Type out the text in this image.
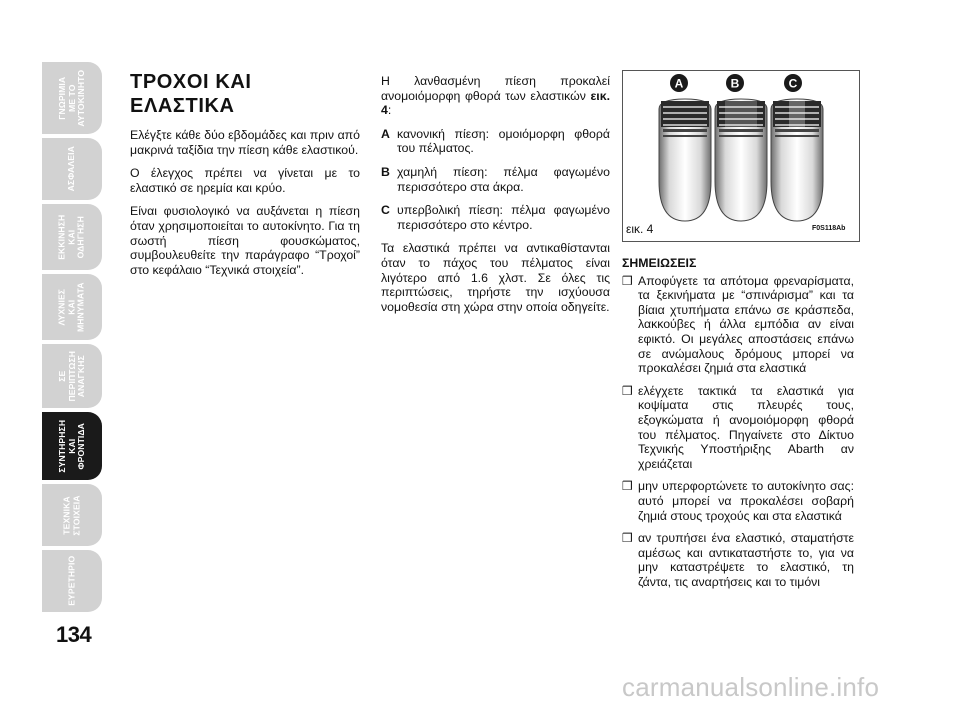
ΓΝΩΡΙΜΙΑ
ΜΕ ΤΟ
ΑΥΤΟΚΙΝΗΤΟ
ΑΣΦΑΛΕΙΑ
ΕΚΚΙΝΗΣΗ
ΚΑΙ
ΟΔΗΓΗΣΗ
ΛΥΧΝΙΕΣ
ΚΑΙ
ΜΗΝΥΜΑΤΑ
ΣΕ
ΠΕΡΙΠΤΩΣΗ
ΑΝΑΓΚΗΣ
ΣΥΝΤΗΡΗΣΗ
ΚΑΙ
ΦΡΟΝΤΙΔΑ
ΤΕΧΝΙΚΑ
ΣΤΟΙΧΕΙΑ
ΕΥΡΕΤΗΡΙΟ
134
ΤΡΟΧΟΙ ΚΑΙ ΕΛΑΣΤΙΚΑ

Ελέγξτε κάθε δύο εβδομάδες και πριν από μακρινά ταξίδια την πίεση κάθε ελαστικού.

Ο έλεγχος πρέπει να γίνεται με το ελαστικό σε ηρεμία και κρύο.

Είναι φυσιολογικό να αυξάνεται η πίεση όταν χρησιμοποιείται το αυτοκίνητο. Για τη σωστή πίεση φουσκώματος, συμβουλευθείτε την παράγραφο “Τροχοί” στο κεφάλαιο “Τεχνικά στοιχεία”.

Η λανθασμένη πίεση προκαλεί ανομοιόμορφη φθορά των ελαστικών εικ. 4:

A κανονική πίεση: ομοιόμορφη φθορά του πέλματος.
B χαμηλή πίεση: πέλμα φαγωμένο περισσότερο στα άκρα.
C υπερβολική πίεση: πέλμα φαγωμένο περισσότερο στο κέντρο.

Τα ελαστικά πρέπει να αντικαθίστανται όταν το πάχος του πέλματος είναι λιγότερο από 1.6 χλστ. Σε όλες τις περιπτώσεις, τηρήστε την ισχύουσα νομοθεσία στη χώρα στην οποία οδηγείτε.

A	B	C
εικ. 4	F0S118Ab
ΣΗΜΕΙΩΣΕΙΣ
❒ Αποφύγετε τα απότομα φρεναρίσματα, τα ξεκινήματα με “σπινάρισμα” και τα βίαια χτυπήματα επάνω σε κράσπεδα, λακκούβες ή άλλα εμπόδια αν είναι εφικτό. Οι μεγάλες αποστάσεις επάνω σε ανώμαλους δρόμους μπορεί να προκαλέσει ζημιά στα ελαστικά
❒ ελέγχετε τακτικά τα ελαστικά για κοψίματα στις πλευρές τους, εξογκώματα ή ανομοιόμορφη φθορά του πέλματος. Πηγαίνετε στο Δίκτυο Τεχνικής Υποστήριξης Abarth αν χρειάζεται
❒ μην υπερφορτώνετε το αυτοκίνητο σας: αυτό μπορεί να προκαλέσει σοβαρή ζημιά στους τροχούς και στα ελαστικά
❒ αν τρυπήσει ένα ελαστικό, σταματήστε αμέσως και αντικαταστήστε το, για να μην καταστρέψετε το ελαστικό, τη ζάντα, τις αναρτήσεις και το τιμόνι
carmanualsonline.info
